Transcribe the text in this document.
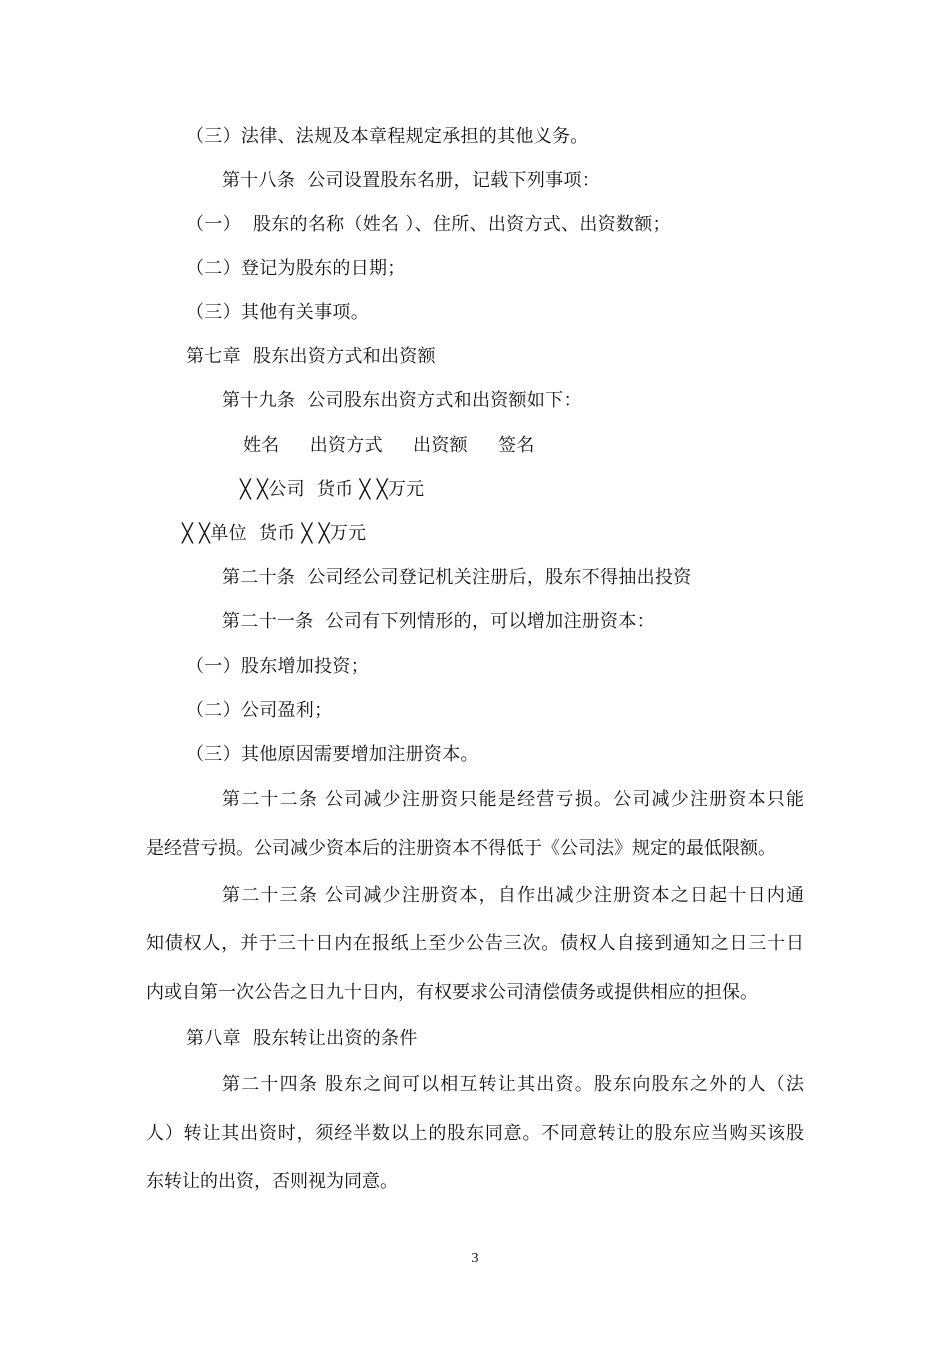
（三）法律、法规及本章程规定承担的其他义务。
第十八条  公司设置股东名册，记载下列事项：
（一）  股东的名称（姓名 ）、住所、出资方式、出资数额；
（二）登记为股东的日期；
（三）其他有关事项。
第七章  股东出资方式和出资额
第十九条  公司股东出资方式和出资额如下：
姓名     出资方式     出资额     签名
╳ ╳公司  货币 ╳ ╳万元
╳ ╳单位  货币 ╳ ╳万元
第二十条  公司经公司登记机关注册后，股东不得抽出投资
第二十一条  公司有下列情形的，可以增加注册资本：
（一）股东增加投资；
（二）公司盈利；
（三）其他原因需要增加注册资本。
第二十二条 公司减少注册资只能是经营亏损。公司减少注册资本只能
是经营亏损。公司减少资本后的注册资本不得低于《公司法》规定的最低限额。
第二十三条 公司减少注册资本，自作出减少注册资本之日起十日内通
知债权人，并于三十日内在报纸上至少公告三次。债权人自接到通知之日三十日
内或自第一次公告之日九十日内，有权要求公司清偿债务或提供相应的担保。
第八章  股东转让出资的条件
第二十四条 股东之间可以相互转让其出资。股东向股东之外的人（法
人）转让其出资时，须经半数以上的股东同意。不同意转让的股东应当购买该股
东转让的出资，否则视为同意。
3
